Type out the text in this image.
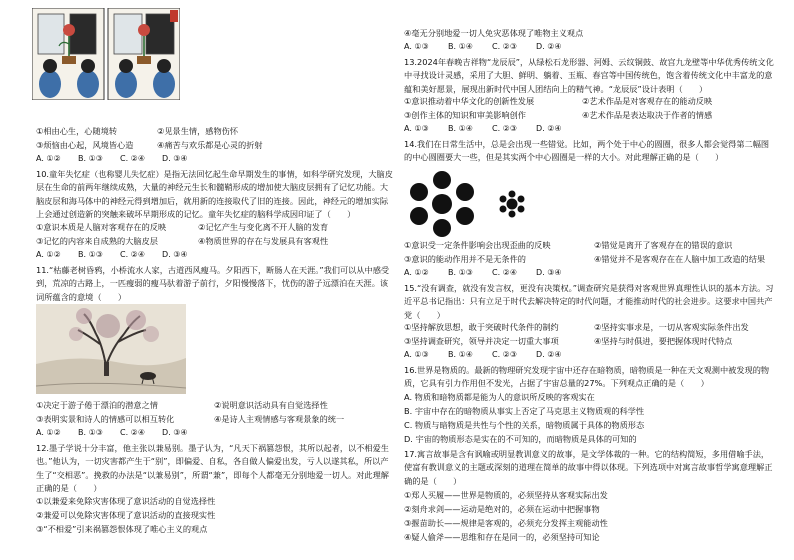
①相由心生，心随境转	②见景生情，感物伤怀
③烦恼由心起，风境皆心造	④痛苦与欢乐都是心灵的折射
A. ①② B. ①③ C. ②④ D. ③④
10.童年失忆症（也称婴儿失忆症）是指无法回忆起生命早期发生的事情，如科学研究发现，大脑皮层在生命的前两年继续成熟，大量的神经元生长和髓鞘形成的增加使大脑皮层拥有了记忆功能。大脑皮层和海马体中的神经元得到增加后，就用新的连接取代了旧的连接。因此，神经元的增加实际上会通过创造新的突触来破坏早期形成的记忆。童年失忆症的脑科学成因印证了（　　）
①意识本质是人脑对客观存在的反映	②记忆产生与变化离不开人脑的发育
③记忆的内容来自成熟的大脑皮层	④物质世界的存在与发展具有客观性
A. ①② B. ①③ C. ②④ D. ③④
11.“枯藤老树昏鸦，小桥流水人家，古道西风瘦马。夕阳西下，断肠人在天涯。”我们可以从中感受到，荒凉的古路上，一匹瘦弱的瘦马驮着游子前行，夕阳慢慢落下，忧伤的游子远漂泊在天涯。该词所蕴含的意境（　　）
①决定于游子倦于漂泊的潜意之情	②说明意识活动具有自觉选择性
③表明实景和诗人的情感可以相互转化	④是诗人主观情感与客观景象的统一
A. ①② B. ①③ C. ②④ D. ③④
12.墨子学说十分丰富，他主张以兼易别。墨子认为，“凡天下祸篡怨恨，其所以起者，以不相爱生也。”他认为，一切灾害都产生于“别”，即偏爱、自私，各自做人偏爱出发，亏人以遂其私，所以产生了“交相恶”。挽救的办法是“以兼易别”，所谓“兼”，即每个人都毫无分别地爱一切人。对此理解正确的是（　　）
①以兼爱来免除灾害体现了意识活动的自觉选择性
②兼爱可以免除灾害体现了意识活动的直接现实性
③“不相爱”引来祸篡怨恨体现了唯心主义的观点
④毫无分别地爱一切人免灾恶体现了唯物主义观点
A. ①③ B. ①④ C. ②③ D. ②④
13.2024年春晚吉祥物“龙辰辰”，从绿松石龙形器、河姆、云纹铜鼓、故宫九龙壁等中华优秀传统文化中寻找设计灵感，采用了大胆、鲜明、躺着、玉瓶、春宫等中国传统色，饱含着传统文化中丰富龙的意蕴和美好愿景，展现出新时代中国人团结向上的精气神。“龙辰辰”设计表明（　　）
①意识推动着中华文化的创新性发展	②艺术作品是对客观存在的能动反映
③创作主体的知识和审美影响创作	④艺术作品是表达取决于作者的情感
A. ①③ B. ①④ C. ②③ D. ②④
14.我们在日常生活中，总是会出现一些错觉。比如，两个处于中心的圆圈，很多人都会觉得第二幅图的中心圆圈要大一些，但是其实两个中心圆圈是一样的大小。对此理解正确的是（　　）
①意识受一定条件影响会出现歪曲的反映	②错觉是离开了客观存在的错误的意识
③意识的能动作用并不是无条件的	④错觉并不是客观存在在人脑中加工改造的结果
A. ①② B. ①③ C. ②④ D. ③④
15.“没有调查，就没有发言权，更没有决策权。”调查研究是获得对客观世界真理性认识的基本方法。习近平总书记指出：只有立足于时代去解决特定的时代问题，才能推动时代的社会进步。这要求中国共产党（　　）
①坚持解放思想，敢于突破时代条件的制约	②坚持实事求是，一切从客观实际条件出发
③坚持调查研究，领导并决定一切重大事项	④坚持与时俱进，要把握体现时代特点
A. ①③ B. ①④ C. ②③ D. ②④
16.世界是物质的。最新的物理研究发现宇宙中还存在暗物质，暗物质是一种在天文观测中被发现的物质，它具有引力作用但不发光，占据了宇宙总量的27%。下列观点正确的是（　　）
A. 物质和暗物质都是能为人的意识所反映的客观实在
B. 宇宙中存在的暗物质从事实上否定了马克思主义物质观的科学性
C. 物质与暗物质是共性与个性的关系，暗物质属于具体的物质形态
D. 宇宙的物质形态是实在的不可知的，而暗物质是具体的可知的
17.寓言故事是含有讽喻或明显教训意义的故事，是文学体裁的一种。它的结构简短，多用借喻手法，使富有教训意义的主题或深刻的道理在简单的故事中得以体现。下列选项中对寓言故事哲学寓意理解正确的是（　　）
①郑人买履——世界是物质的，必须坚持从客观实际出发
②刻舟求剑——运动是绝对的，必须在运动中把握事物
③揠苗助长——规律是客观的，必须充分发挥主观能动性
④疑人偷斧——思维和存在是同一的，必须坚持可知论
